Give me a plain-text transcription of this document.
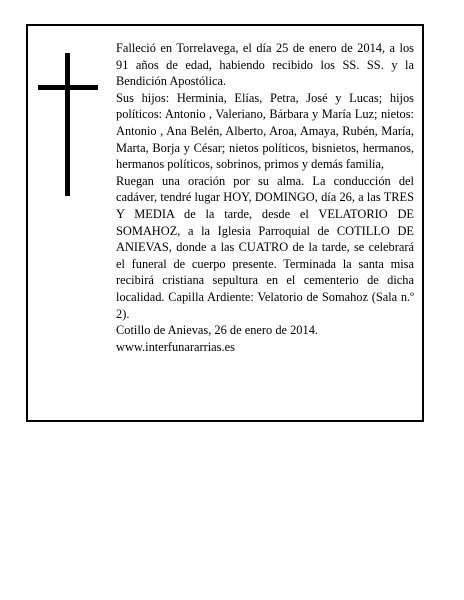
Falleció en Torrelavega, el día 25 de enero de 2014, a los 91 años de edad, habiendo recibido los SS. SS. y la Bendición Apostólica.

Sus hijos: Herminia, Elías, Petra, José y Lucas; hijos políticos: Antonio , Valeriano, Bárbara y María Luz; nietos: Antonio , Ana Belén, Alberto, Aroa, Amaya, Rubén, María, Marta, Borja y César; nietos políticos, bisnietos, hermanos, hermanos políticos, sobrinos, primos y demás familia,

Ruegan una oración por su alma. La conducción del cadáver, tendré lugar HOY, DOMINGO, día 26, a las TRES Y MEDIA de la tarde, desde el VELATORIO DE SOMAHOZ, a la Iglesia Parroquial de COTILLO DE ANIEVAS, donde a las CUATRO de la tarde, se celebrará el funeral de cuerpo presente. Terminada la santa misa recibirá cristiana sepultura en el cementerio de dicha localidad. Capilla Ardiente: Velatorio de Somahoz (Sala n.º 2).

Cotillo de Anievas, 26 de enero de 2014.

www.interfunararrias.es
